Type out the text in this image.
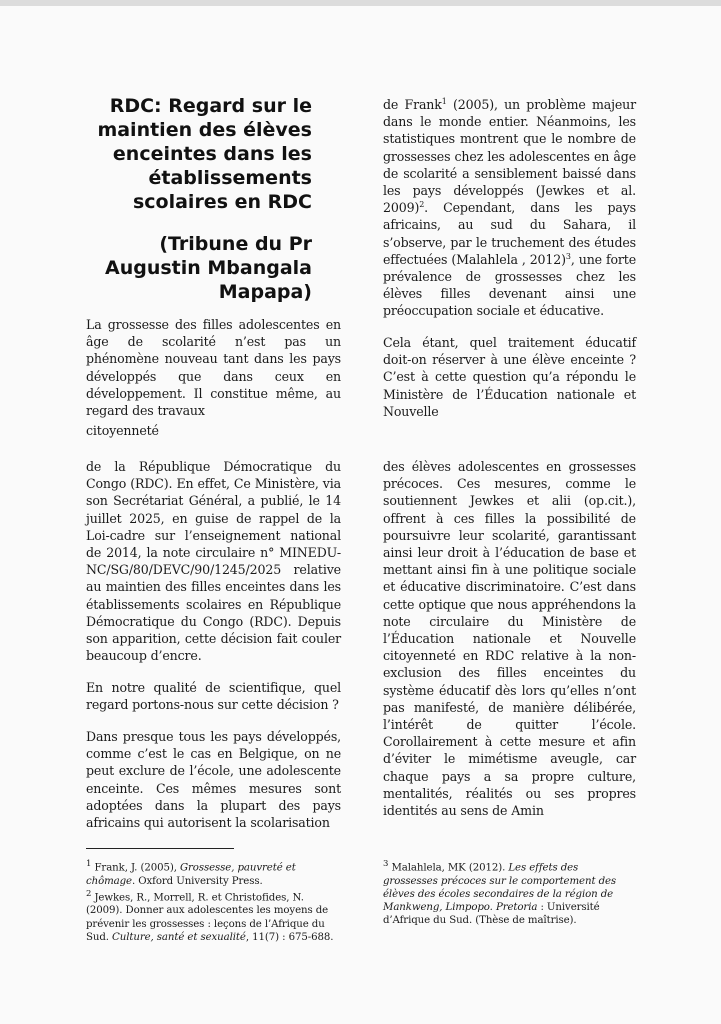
RDC: Regard sur le maintien des élèves enceintes dans les établissements scolaires en RDC
(Tribune du Pr Augustin Mbangala Mapapa)

La grossesse des filles adolescentes en âge de scolarité n’est pas un phénomène nouveau tant dans les pays développés que dans ceux en développement. Il constitue même, au regard des travaux

citoyenneté

de Frank$^1$ (2005), un problème majeur dans le monde entier. Néanmoins, les statistiques montrent que le nombre de grossesses chez les adolescentes en âge de scolarité a sensiblement baissé dans les pays développés (Jewkes et al. 2009)$^2$. Cependant, dans les pays africains, au sud du Sahara, il s’observe, par le truchement des études effectuées (Malahlela , 2012)$^3$, une forte prévalence de grossesses chez les élèves filles devenant ainsi une préoccupation sociale et éducative.

Cela étant, quel traitement éducatif doit-on réserver à une élève enceinte ? C’est à cette question qu’a répondu le Ministère de l’Éducation nationale et Nouvelle

de la République Démocratique du Congo (RDC). En effet, Ce Ministère, via son Secrétariat Général, a publié, le 14 juillet 2025, en guise de rappel de la Loi-cadre sur l’enseignement national de 2014, la note circulaire n° MINEDU-NC/SG/80/DEVC/90/1245/2025 relative au maintien des filles enceintes dans les établissements scolaires en République Démocratique du Congo (RDC). Depuis son apparition, cette décision fait couler beaucoup d’encre.

En notre qualité de scientifique, quel regard portons-nous sur cette décision ?

Dans presque tous les pays développés, comme c’est le cas en Belgique, on ne peut exclure de l’école, une adolescente enceinte. Ces mêmes mesures sont adoptées dans la plupart des pays africains qui autorisent la scolarisation

des élèves adolescentes en grossesses précoces. Ces mesures, comme le soutiennent Jewkes et alii (op.cit.), offrent à ces filles la possibilité de poursuivre leur scolarité, garantissant ainsi leur droit à l’éducation de base et mettant ainsi fin à une politique sociale et éducative discriminatoire. C’est dans cette optique que nous appréhendons la note circulaire du Ministère de l’Éducation nationale et Nouvelle citoyenneté en RDC relative à la non-exclusion des filles enceintes du système éducatif dès lors qu’elles n’ont pas manifesté, de manière délibérée, l’intérêt de quitter l’école. Corollairement à cette mesure et afin d’éviter le mimétisme aveugle, car chaque pays a sa propre culture, mentalités, réalités ou ses propres identités au sens de Amin

$^1$ Frank, J. (2005), Grossesse, pauvreté et chômage. Oxford University Press.

$^2$ Jewkes, R., Morrell, R. et Christofides, N. (2009). Donner aux adolescentes les moyens de prévenir les grossesses : leçons de l’Afrique du Sud. Culture, santé et sexualité, 11(7) : 675-688.

$^3$ Malahlela, MK (2012). Les effets des grossesses précoces sur le comportement des élèves des écoles secondaires de la région de Mankweng, Limpopo. Pretoria : Université d’Afrique du Sud. (Thèse de maîtrise).
